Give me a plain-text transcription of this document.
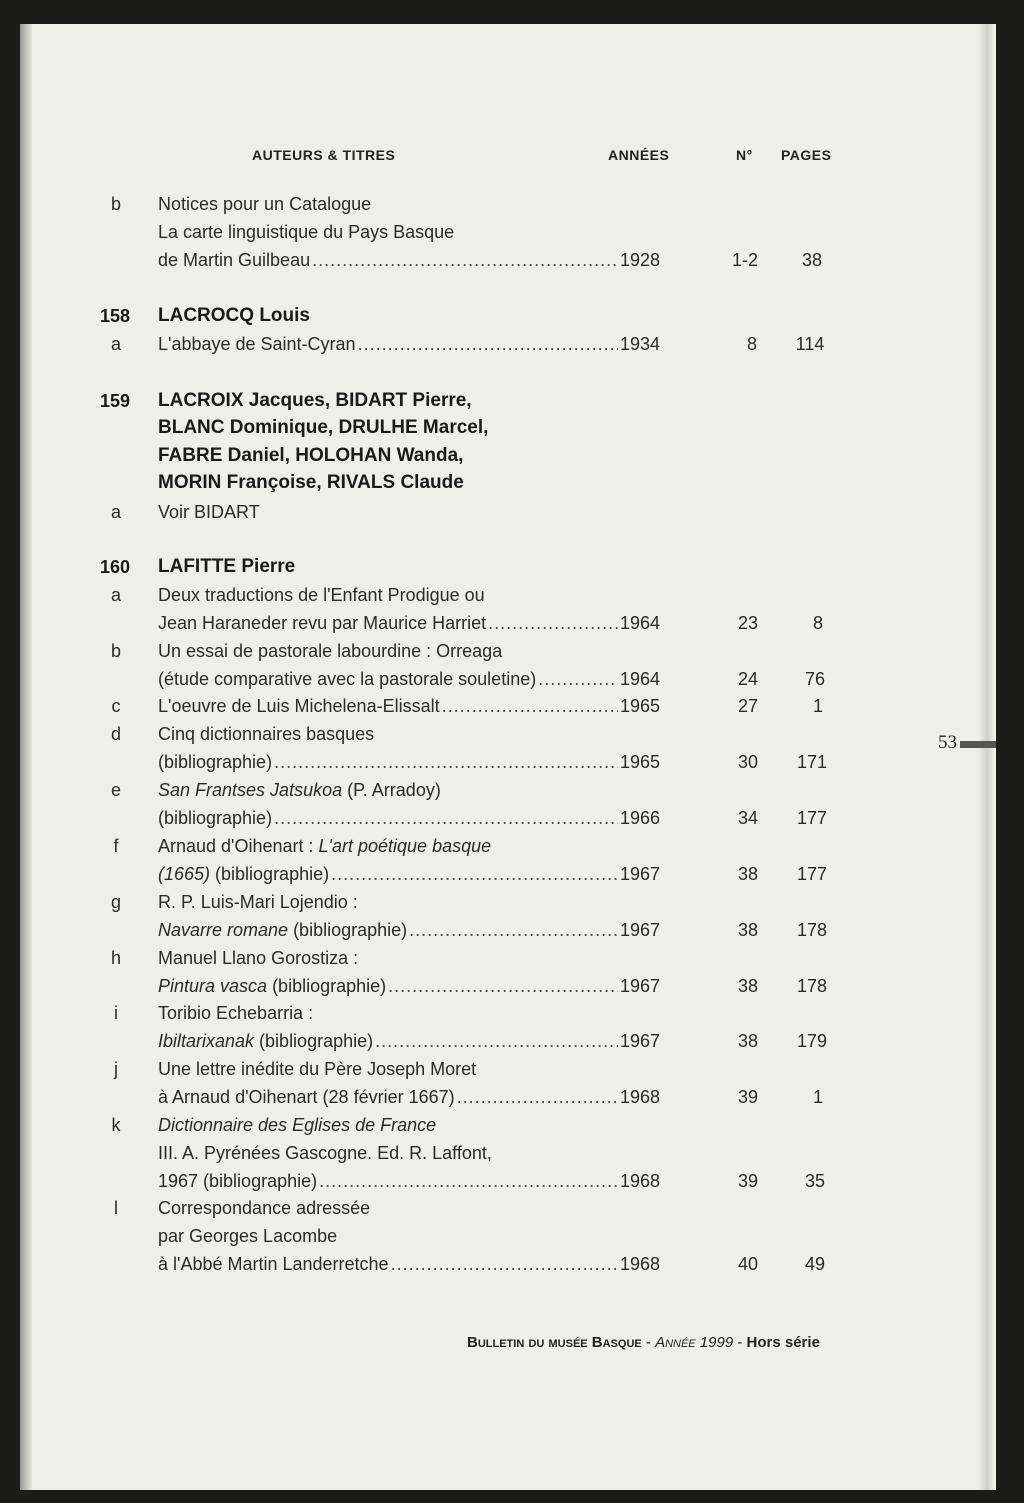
AUTEURS & TITRES	ANNÉES	N° PAGES
b Notices pour un Catalogue
La carte linguistique du Pays Basque
de Martin Guilbeau .....	1928	1-2	38
158 LACROCQ Louis
a L'abbaye de Saint-Cyran .....	1934	8	114
159 LACROIX Jacques, BIDART Pierre,
BLANC Dominique, DRULHE Marcel,
FABRE Daniel, HOLOHAN Wanda,
MORIN Françoise, RIVALS Claude
a Voir BIDART
160 LAFITTE Pierre
a Deux traductions de l'Enfant Prodigue ou
Jean Haraneder revu par Maurice Harriet .....	1964	23	8
b Un essai de pastorale labourdine : Orreaga
(étude comparative avec la pastorale souletine) .....	1964	24	76
c L'oeuvre de Luis Michelena-Elissalt .....	1965	27	1
d Cinq dictionnaires basques
(bibliographie) .....	1965	30	171
e San Frantses Jatsukoa (P. Arradoy)
(bibliographie) .....	1966	34	177
f	Arnaud d'Oihenart : L'art poétique basque
(1665) (bibliographie) .....	1967	38	177
g R. P. Luis-Mari Lojendio :
Navarre romane (bibliographie) .....	1967	38	178
h Manuel Llano Gorostiza :
Pintura vasca (bibliographie) .....	1967	38	178
i	Toribio Echebarria :
Ibiltarixanak (bibliographie) .....	1967	38	179
j	Une lettre inédite du Père Joseph Moret
à Arnaud d'Oihenart (28 février 1667) .....	1968	39	1
k Dictionnaire des Eglises de France
III. A. Pyrénées Gascogne. Ed. R. Laffont,
1967 (bibliographie) .....	1968	39	35
l	Correspondance adressée
par Georges Lacombe
à l'Abbé Martin Landerretche .....	1968	40	49
53
Bulletin du musée Basque - Année 1999 - Hors série
